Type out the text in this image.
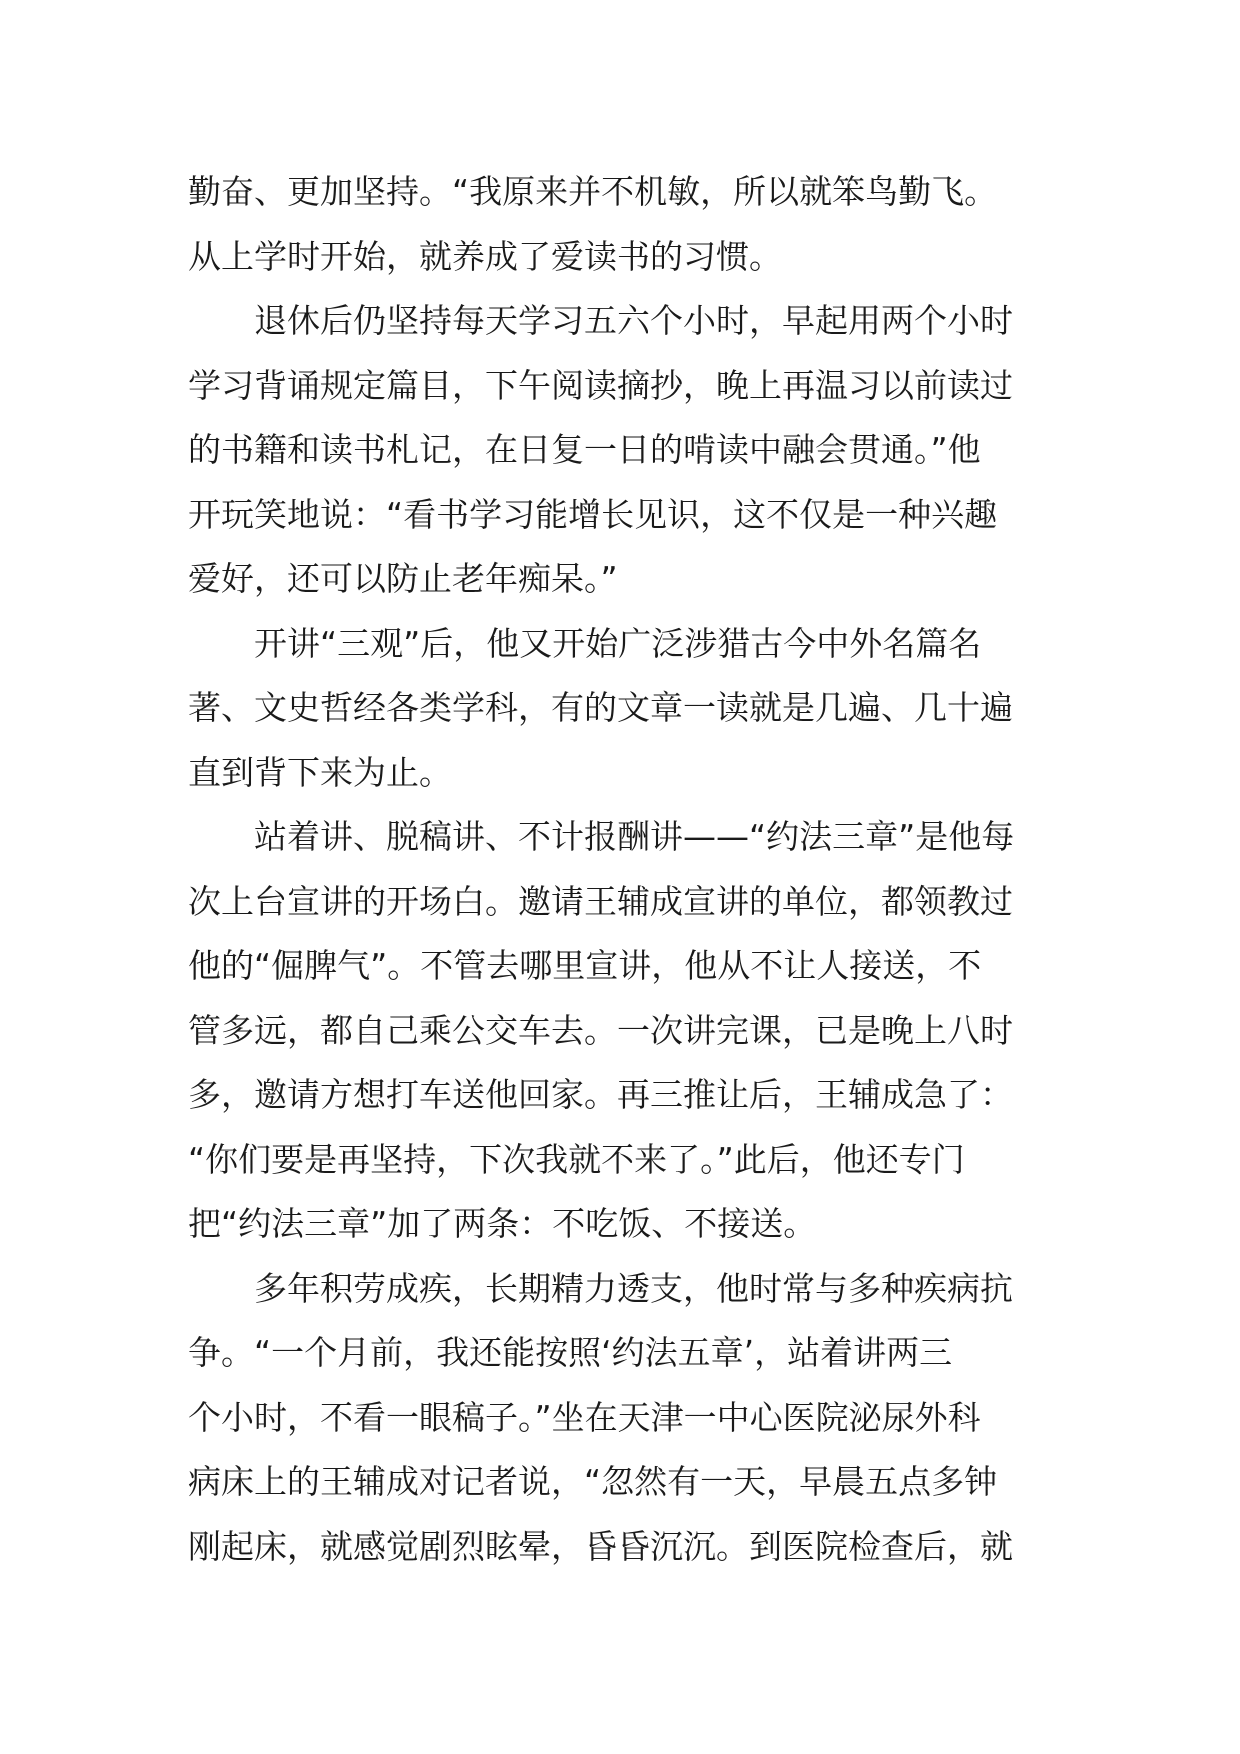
勤奋、更加坚持。“我原来并不机敏，所以就笨鸟勤飞。
从上学时开始，就养成了爱读书的习惯。
退休后仍坚持每天学习五六个小时，早起用两个小时
学习背诵规定篇目，下午阅读摘抄，晚上再温习以前读过
的书籍和读书札记，在日复一日的啃读中融会贯通。”他
开玩笑地说：“看书学习能增长见识，这不仅是一种兴趣
爱好，还可以防止老年痴呆。”
开讲“三观”后，他又开始广泛涉猎古今中外名篇名
著、文史哲经各类学科，有的文章一读就是几遍、几十遍
直到背下来为止。
站着讲、脱稿讲、不计报酬讲——“约法三章”是他每
次上台宣讲的开场白。邀请王辅成宣讲的单位，都领教过
他的“倔脾气”。不管去哪里宣讲，他从不让人接送，不
管多远，都自己乘公交车去。一次讲完课，已是晚上八时
多，邀请方想打车送他回家。再三推让后，王辅成急了：
“你们要是再坚持，下次我就不来了。”此后，他还专门
把“约法三章”加了两条：不吃饭、不接送。
多年积劳成疾，长期精力透支，他时常与多种疾病抗
争。“一个月前，我还能按照‘约法五章’，站着讲两三
个小时，不看一眼稿子。”坐在天津一中心医院泌尿外科
病床上的王辅成对记者说，“忽然有一天，早晨五点多钟
刚起床，就感觉剧烈眩晕，昏昏沉沉。到医院检查后，就
